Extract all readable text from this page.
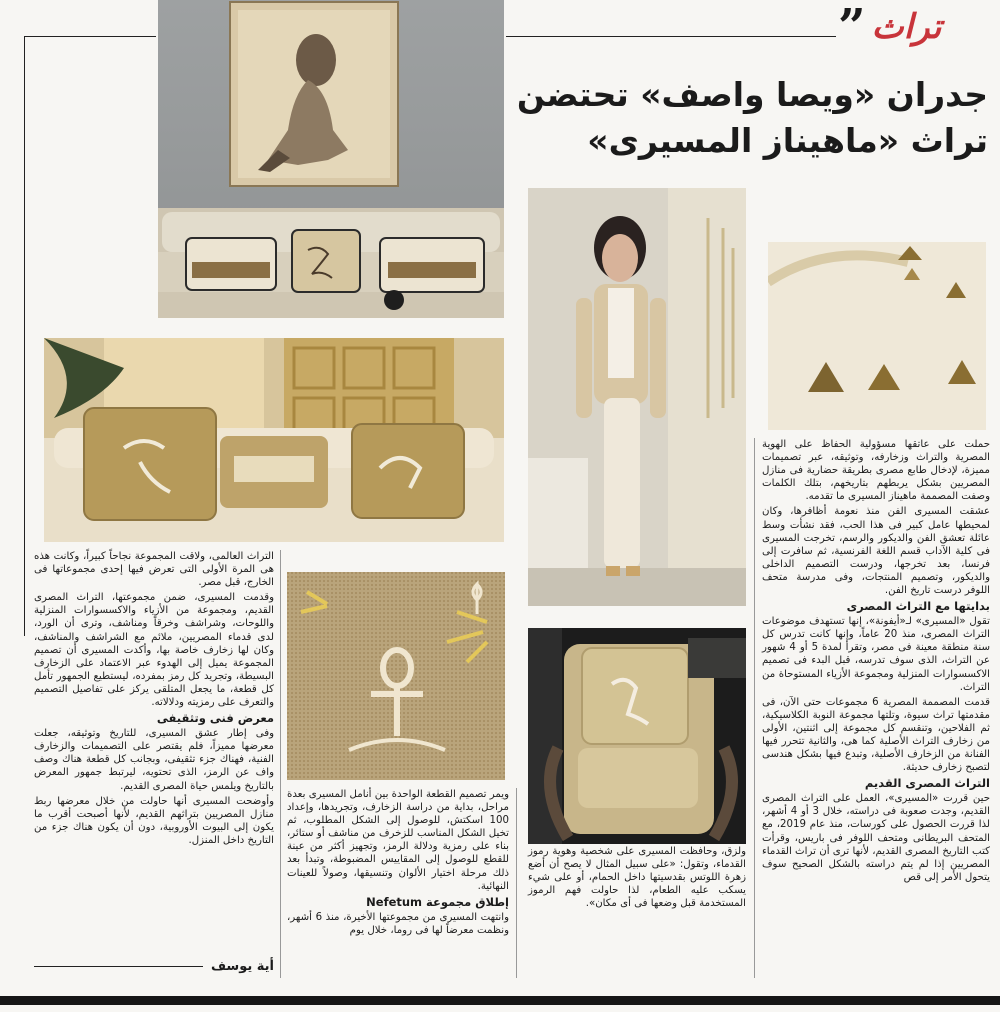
تراث
”
جدران «ويصا واصف» تحتضن
تراث «ماهيناز المسيرى»

حملت على عاتقها مسؤولية الحفاظ على الهوية المصرية والتراث وزخارفه، وتوثيقه، عبر تصميمات مميزة، لإدخال طابع مصرى بطريقة حضارية فى منازل المصريين بشكل يربطهم بتاريخهم، بتلك الكلمات وصفت المصممة ماهيناز المسيرى ما تقدمه.

عشقت المسيرى الفن منذ نعومة أظافرها، وكان لمحيطها عامل كبير فى هذا الحب، فقد نشأت وسط عائلة تعشق الفن والديكور والرسم، تخرجت المسيرى فى كلية الآداب قسم اللغة الفرنسية، ثم سافرت إلى فرنسا، بعد تخرجها، ودرست التصميم الداخلى والديكور، وتصميم المنتجات، وفى مدرسة متحف اللوفر درست تاريخ الفن.

بدايتها مع التراث المصرى

تقول «المسيرى» لـ«أيفونة»، إنها تستهدف موضوعات التراث المصرى، منذ 20 عاماً، وإنها كانت تدرس كل سنة منطقة معينة فى مصر، وتقرأ لمدة 5 أو 4 شهور عن التراث، الذى سوف تدرسه، قبل البدء فى تصميم الاكسسوارات المنزلية ومجموعة الأزياء المستوحاة من التراث.

قدمت المصممة المصرية 6 مجموعات حتى الآن، فى مقدمتها تراث سيوة، وتلتها مجموعة النوبة الكلاسيكية، ثم الفلاحين، وتنقسم كل مجموعة إلى اثنتين، الأولى من زخارف التراث الأصلية كما هى، والثانية تتحرر فيها الفنانة من الزخارف الأصلية، وتبدع فيها بشكل هندسى لتصبح زخارف حديثة.

التراث المصرى القديم

حين قررت «المسيرى»، العمل على التراث المصرى القديم، وجدت صعوبة فى دراسته، خلال 3 أو 4 أشهر، لذا قررت الحصول على كورسات، منذ عام 2019، مع المتحف البريطانى ومتحف اللوفر فى باريس، وقرأت كتب التاريخ المصرى القديم، لأنها ترى أن تراث القدماء المصريين إذا لم يتم دراسته بالشكل الصحيح سوف يتحول الأمر إلى قص

ولزق، وحافظت المسيرى على شخصية وهوية رموز القدماء، وتقول: «على سبيل المثال لا يصح أن أضع زهرة اللوتس بقدسيتها داخل الحمام، أو على شيء يسكب عليه الطعام، لذا حاولت فهم الرموز المستخدمة قبل وضعها فى أى مكان».

ويمر تصميم القطعة الواحدة بين أنامل المسيرى بعدة مراحل، بداية من دراسة الزخارف، وتجريدها، وإعداد 100 اسكتش، للوصول إلى الشكل المطلوب، ثم تخيل الشكل المناسب للزخرف من مناشف أو ستائر، بناء على رمزية ودلالة الرمز، وتجهيز أكثر من عينة للقطع للوصول إلى المقاييس المضبوطة، وتبدأ بعد ذلك مرحلة اختيار الألوان وتنسيقها، وصولاً للعينات النهائية.

إطلاق مجموعة Nefetum

وانتهت المسيرى من مجموعتها الأخيرة، منذ 6 أشهر، ونظمت معرضاً لها فى روما، خلال يوم

التراث العالمى، ولاقت المجموعة نجاحاً كبيراً، وكانت هذه هى المرة الأولى التى تعرض فيها إحدى مجموعاتها فى الخارج، قبل مصر.

وقدمت المسيرى، ضمن مجموعتها، التراث المصرى القديم، ومجموعة من الأزياء والاكسسوارات المنزلية واللوحات، وشراشف وخرقاً ومناشف، وترى أن الورد، لدى قدماء المصريين، ملائم مع الشراشف والمناشف، وكان لها زخارف خاصة بها، وأكدت المسيرى أن تصميم المجموعة يميل إلى الهدوء عبر الاعتماد على الزخارف البسيطة، وتجريد كل رمز بمفرده، ليستطيع الجمهور تأمل كل قطعة، ما يجعل المتلقى يركز على تفاصيل التصميم والتعرف على رمزيته ودلالاته.

معرض فنى وتثقيفى

وفى إطار عشق المسيرى، للتاريخ وتوثيقه، جعلت معرضها مميزاً، فلم يقتصر على التصميمات والزخارف الفنية، فهناك جزء تثقيفى، وبجانب كل قطعة هناك وصف واف عن الرمز، الذى تحتويه، ليرتبط جمهور المعرض بالتاريخ ويلمس حياة المصرى القديم.

وأوضحت المسيرى أنها حاولت من خلال معرضها ربط منازل المصريين بتراثهم القديم، لأنها أصبحت أقرب ما يكون إلى البيوت الأوروبية، دون أن يكون هناك جزء من التاريخ داخل المنزل.

أية يوسف
